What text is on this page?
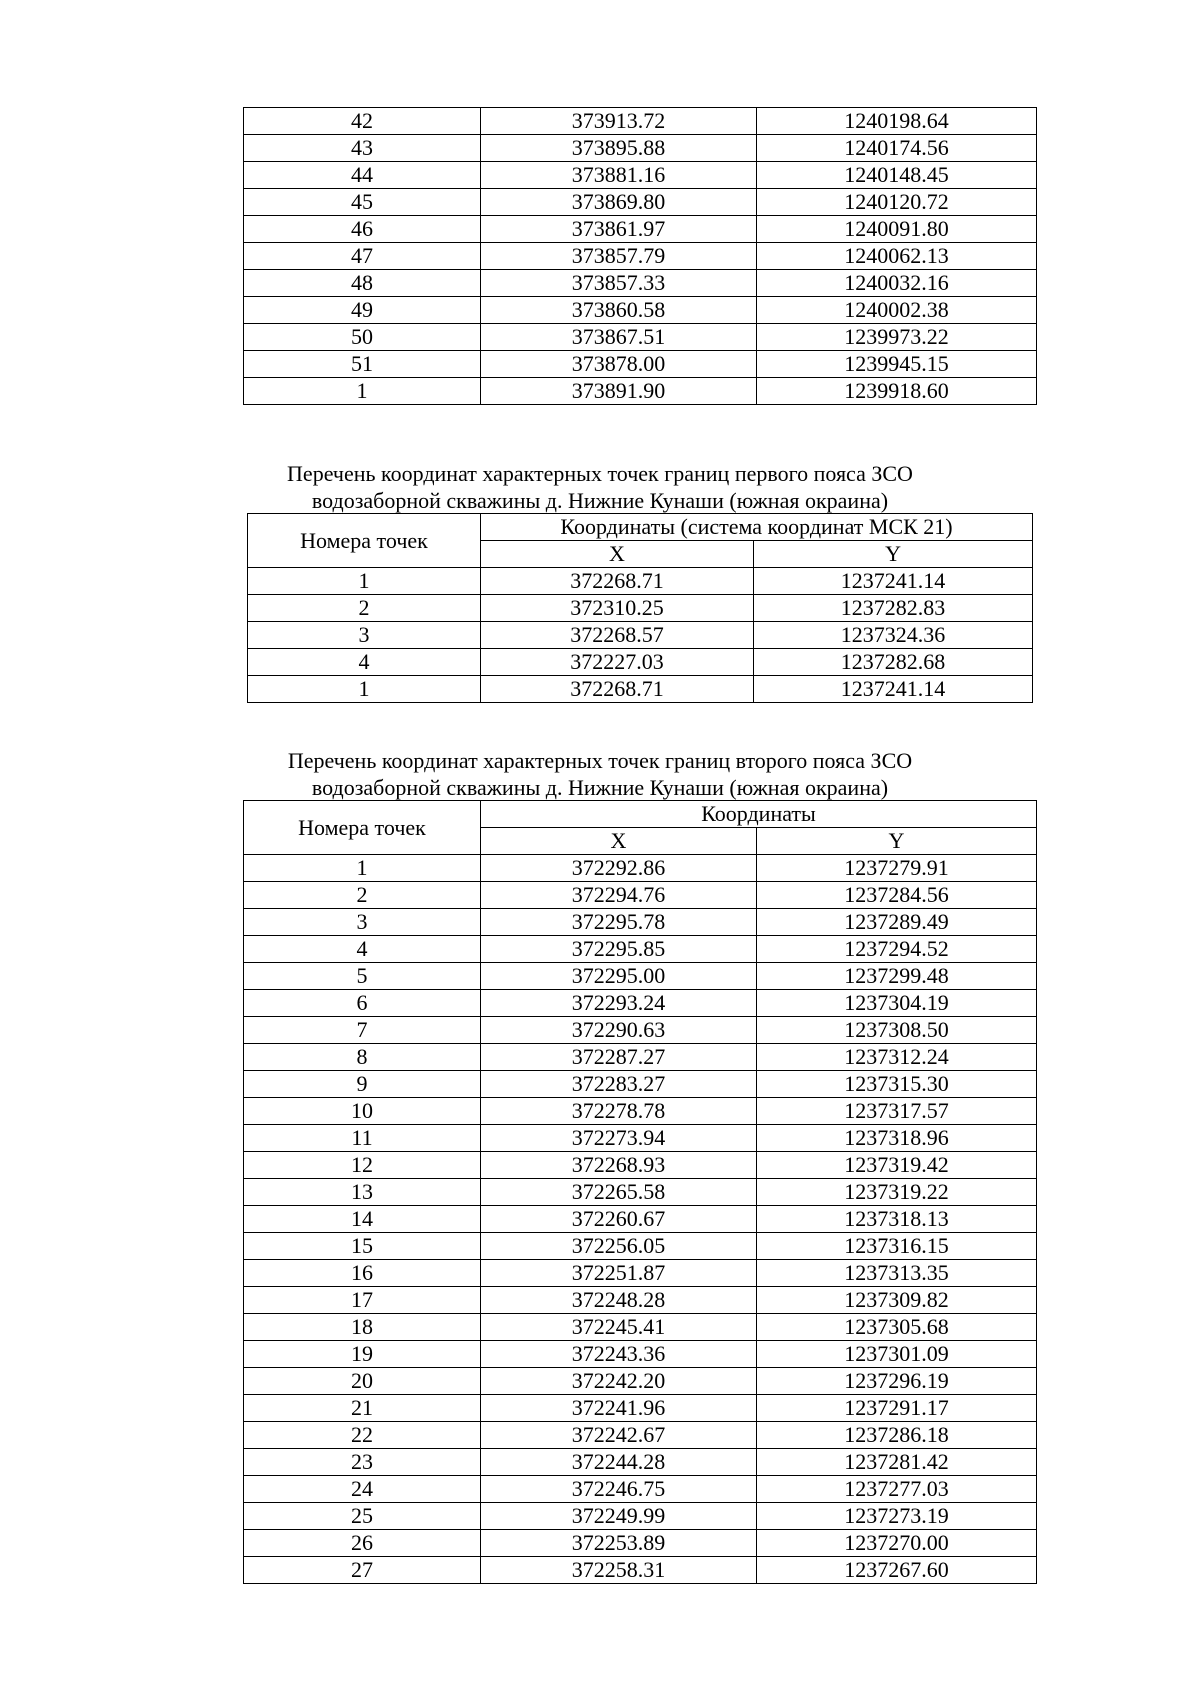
42	373913.72	1240198.64
43	373895.88	1240174.56
44	373881.16	1240148.45
45	373869.80	1240120.72
46	373861.97	1240091.80
47	373857.79	1240062.13
48	373857.33	1240032.16
49	373860.58	1240002.38
50	373867.51	1239973.22
51	373878.00	1239945.15
1	373891.90	1239918.60
Перечень координат характерных точек границ первого пояса ЗСО
водозаборной скважины д. Нижние Кунаши (южная окраина)
Номера точек	Координаты (система координат МСК 21)	
	X	Y
1	372268.71	1237241.14
2	372310.25	1237282.83
3	372268.57	1237324.36
4	372227.03	1237282.68
1	372268.71	1237241.14
Перечень координат характерных точек границ второго пояса ЗСО
водозаборной скважины д. Нижние Кунаши (южная окраина)
Номера точек	Координаты	
	X	Y
1	372292.86	1237279.91
2	372294.76	1237284.56
3	372295.78	1237289.49
4	372295.85	1237294.52
5	372295.00	1237299.48
6	372293.24	1237304.19
7	372290.63	1237308.50
8	372287.27	1237312.24
9	372283.27	1237315.30
10	372278.78	1237317.57
11	372273.94	1237318.96
12	372268.93	1237319.42
13	372265.58	1237319.22
14	372260.67	1237318.13
15	372256.05	1237316.15
16	372251.87	1237313.35
17	372248.28	1237309.82
18	372245.41	1237305.68
19	372243.36	1237301.09
20	372242.20	1237296.19
21	372241.96	1237291.17
22	372242.67	1237286.18
23	372244.28	1237281.42
24	372246.75	1237277.03
25	372249.99	1237273.19
26	372253.89	1237270.00
27	372258.31	1237267.60
